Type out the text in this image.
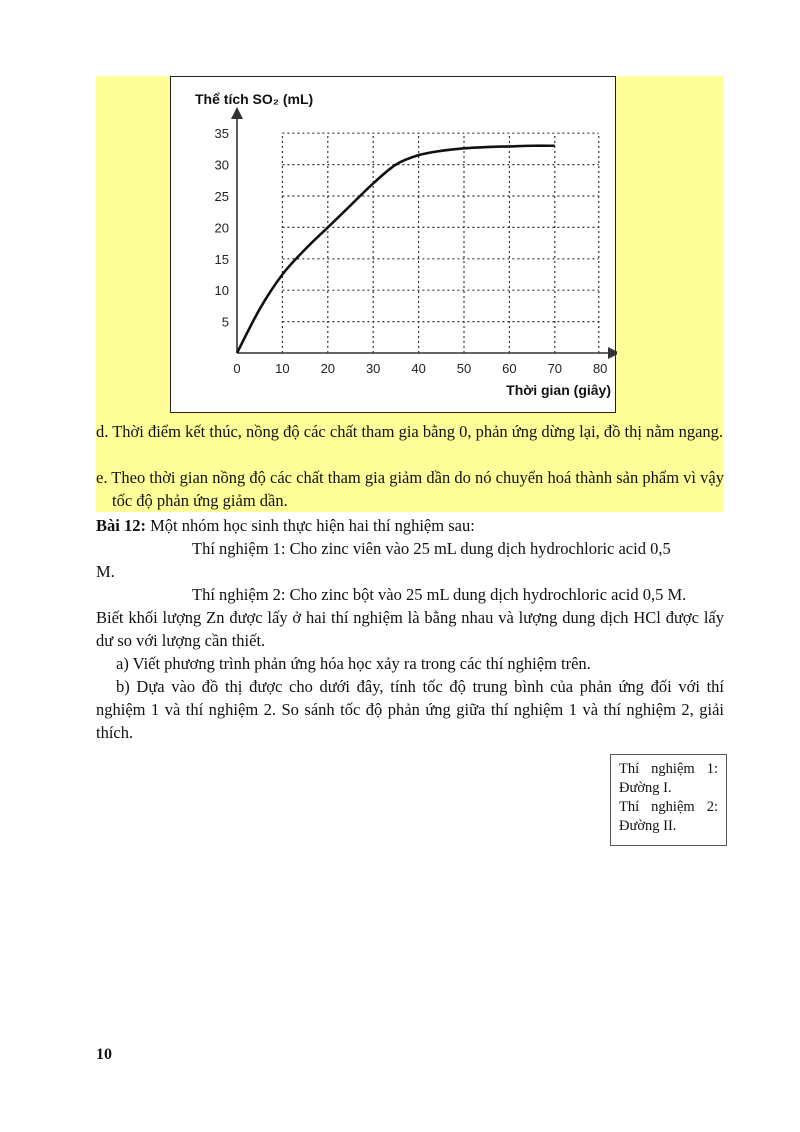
5
10
15
20
25
30
35
0	10 20 30 40 50 60 70 80
Thể tích SO₂ (mL)
Thời gian (giây)
d. Thời điểm kết thúc, nồng độ các chất tham gia bằng 0, phản ứng dừng lại, đồ thị nằm ngang.
e. Theo thời gian nồng độ các chất tham gia giảm dần do nó chuyển hoá thành sản phẩm vì vậy tốc độ phản ứng giảm dần.
Bài 12: Một nhóm học sinh thực hiện hai thí nghiệm sau:
Thí nghiệm 1: Cho zinc viên vào 25 mL dung dịch hydrochloric acid 0,5
M.
Thí nghiệm 2: Cho zinc bột vào 25 mL dung dịch hydrochloric acid 0,5 M.
Biết khối lượng Zn được lấy ở hai thí nghiệm là bằng nhau và lượng dung dịch HCl được lấy dư so với lượng cần thiết.
a) Viết phương trình phản ứng hóa học xảy ra trong các thí nghiệm trên.
b) Dựa vào đồ thị được cho dưới đây, tính tốc độ trung bình của phản ứng đối với thí nghiệm 1 và thí nghiệm 2. So sánh tốc độ phản ứng giữa thí nghiệm 1 và thí nghiệm 2, giải thích.
Thí nghiệm 1:
Đường I.
Thí nghiệm 2:
Đường II.
10
